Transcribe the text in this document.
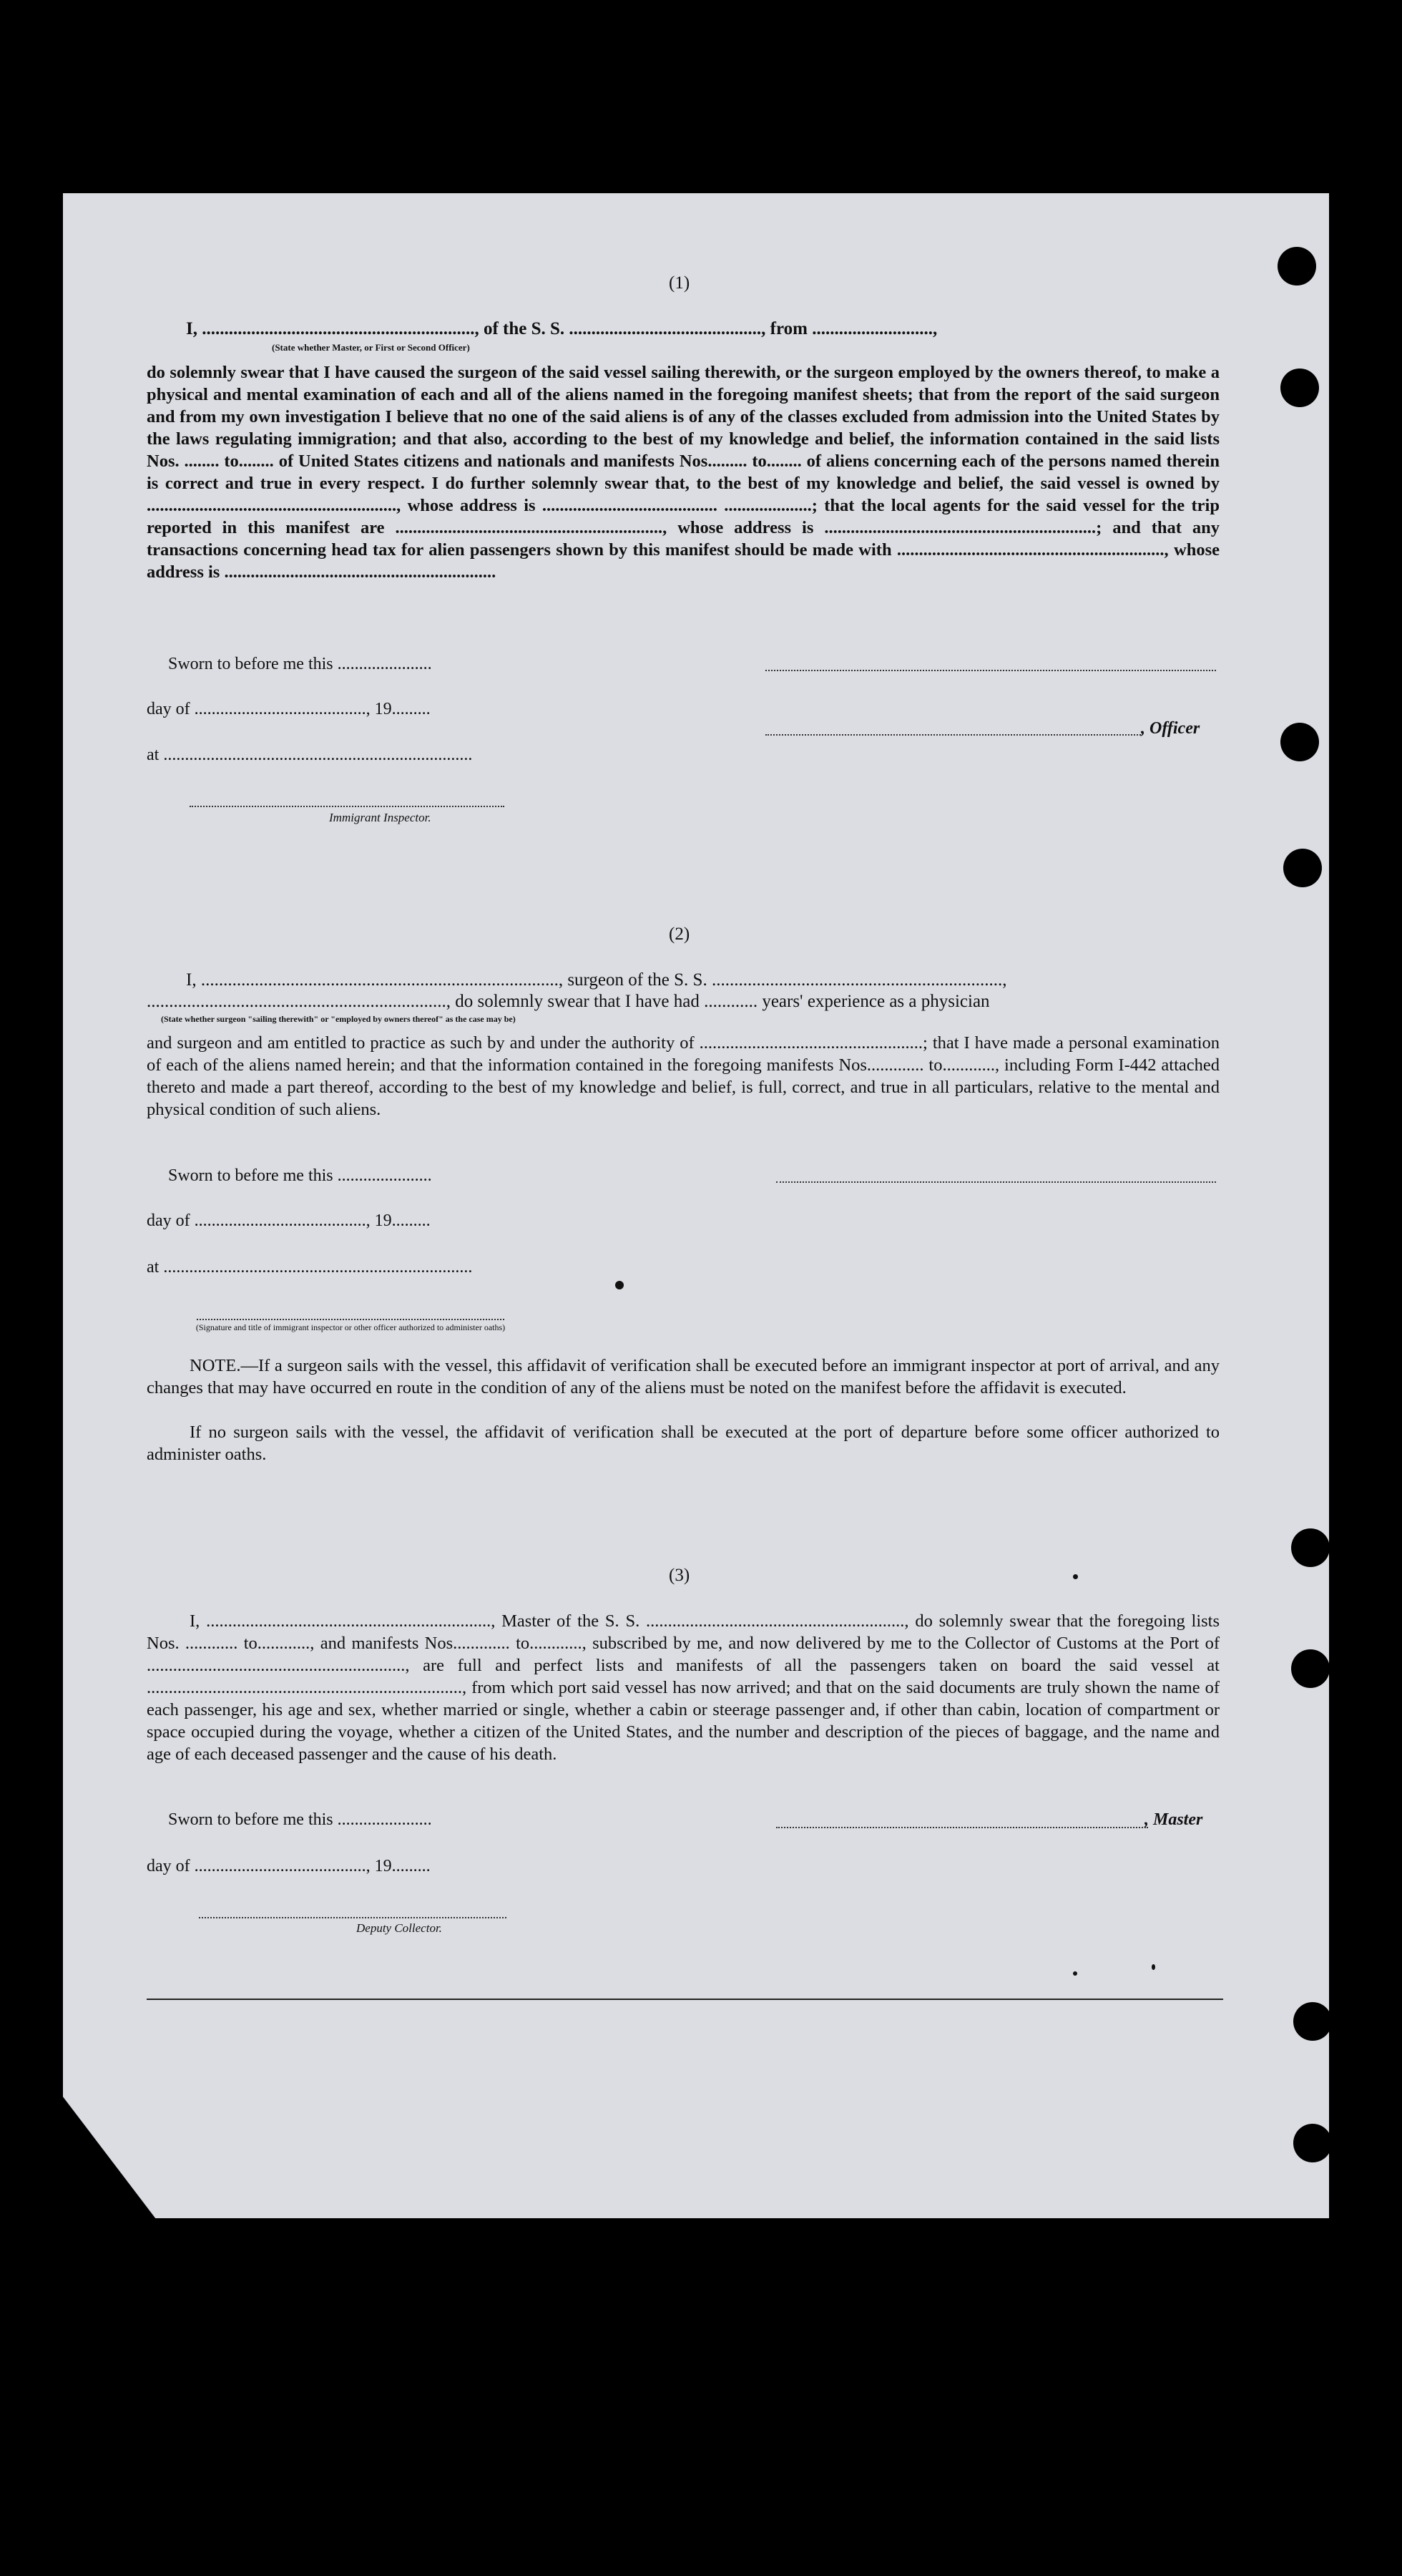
(1)
I, ............................................................., of the S. S. ..........................................., from ...........................,
(State whether Master, or First or Second Officer)
do solemnly swear that I have caused the surgeon of the said vessel sailing therewith, or the surgeon employed by the owners thereof, to make a physical and mental examination of each and all of the aliens named in the foregoing manifest sheets; that from the report of the said surgeon and from my own investigation I believe that no one of the said aliens is of any of the classes excluded from admission into the United States by the laws regulating immigration; and that also, according to the best of my knowledge and belief, the information contained in the said lists Nos. ........ to........ of United States citizens and nationals and manifests Nos......... to........ of aliens concerning each of the persons named therein is correct and true in every respect. I do further solemnly swear that, to the best of my knowledge and belief, the said vessel is owned by ........................................................., whose address is ........................................ ....................; that the local agents for the said vessel for the trip reported in this manifest are ............................................................., whose address is ..............................................................; and that any transactions concerning head tax for alien passengers shown by this manifest should be made with ............................................................., whose address is ..............................................................
Sworn to before me this ......................
day of ........................................, 19.........
at ........................................................................
, Officer
Immigrant Inspector.
(2)
I, ................................................................................, surgeon of the S. S. .................................................................,
..................................................................., do solemnly swear that I have had ............ years' experience as a physician
(State whether surgeon "sailing therewith" or "employed by owners thereof" as the case may be)
and surgeon and am entitled to practice as such by and under the authority of ...................................................; that I have made a personal examination of each of the aliens named herein; and that the information contained in the foregoing manifests Nos............. to............, including Form I-442 attached thereto and made a part thereof, according to the best of my knowledge and belief, is full, correct, and true in all particulars, relative to the mental and physical condition of such aliens.
Sworn to before me this ......................
day of ........................................, 19.........
at ........................................................................
(Signature and title of immigrant inspector or other officer authorized to administer oaths)
NOTE.—If a surgeon sails with the vessel, this affidavit of verification shall be executed before an immigrant inspector at port of arrival, and any changes that may have occurred en route in the condition of any of the aliens must be noted on the manifest before the affidavit is executed.
If no surgeon sails with the vessel, the affidavit of verification shall be executed at the port of departure before some officer authorized to administer oaths.
(3)
I, ................................................................., Master of the S. S. ..........................................................., do solemnly swear that the foregoing lists Nos. ............ to............, and manifests Nos............. to............, subscribed by me, and now delivered by me to the Collector of Customs at the Port of ..........................................................., are full and perfect lists and manifests of all the passengers taken on board the said vessel at ........................................................................, from which port said vessel has now arrived; and that on the said documents are truly shown the name of each passenger, his age and sex, whether married or single, whether a cabin or steerage passenger and, if other than cabin, location of compartment or space occupied during the voyage, whether a citizen of the United States, and the number and description of the pieces of baggage, and the name and age of each deceased passenger and the cause of his death.
Sworn to before me this ......................
day of ........................................, 19.........
, Master
Deputy Collector.
